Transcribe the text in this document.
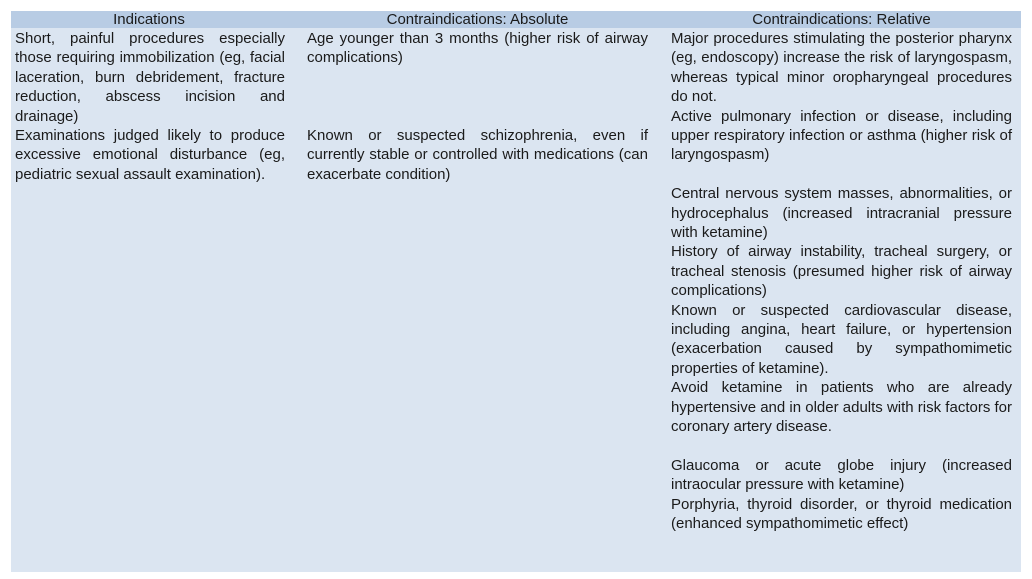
Indications	Contraindications: Absolute	Contraindications: Relative

Short, painful procedures especially those requiring immobilization (eg, facial laceration, burn debridement, fracture reduction, abscess incision and drainage)

Examinations judged likely to produce excessive emotional disturbance (eg, pediatric sexual assault examination).

Age younger than 3 months (higher risk of airway complications)

Known or suspected schizophrenia, even if currently stable or controlled with medications (can exacerbate condition)

Major procedures stimulating the posterior pharynx (eg, endoscopy) increase the risk of laryngospasm, whereas typical minor oropharyngeal procedures do not.

Active pulmonary infection or disease, including upper respiratory infection or asthma (higher risk of laryngospasm)

Central nervous system masses, abnormalities, or hydrocephalus (increased intracranial pressure with ketamine)

History of airway instability, tracheal surgery, or tracheal stenosis (presumed higher risk of airway complications)

Known or suspected cardiovascular disease, including angina, heart failure, or hypertension (exacerbation caused by sympathomimetic properties of ketamine).

Avoid ketamine in patients who are already hypertensive and in older adults with risk factors for coronary artery disease.

Glaucoma or acute globe injury (increased intraocular pressure with ketamine)

Porphyria, thyroid disorder, or thyroid medication (enhanced sympathomimetic effect)
